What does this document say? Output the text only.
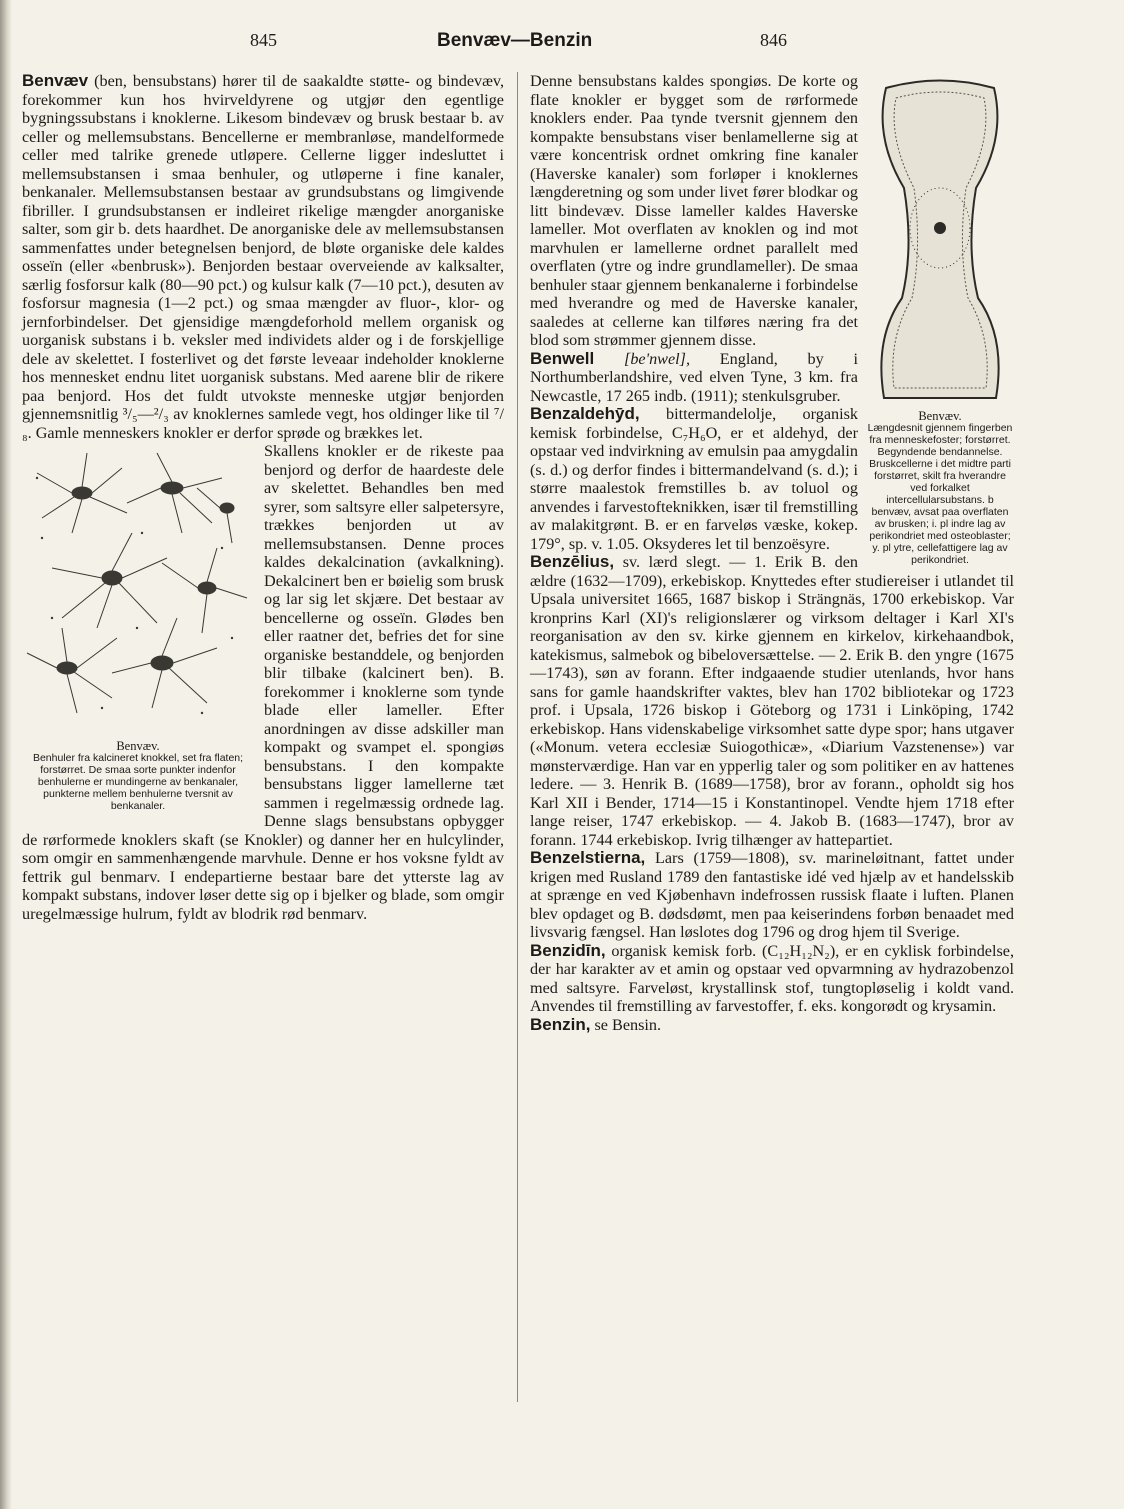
845	Benvæv—Benzin	846

Benvæv (ben, bensubstans) hører til de saakaldte støtte- og bindevæv, forekommer kun hos hvirveldyrene og utgjør den egentlige bygningssubstans i knoklerne. Likesom bindevæv og brusk bestaar b. av celler og mellemsubstans. Bencellerne er membranløse, mandelformede celler med talrike grenede utløpere. Cellerne ligger indesluttet i mellemsubstansen i smaa benhuler, og utløperne i fine kanaler, benkanaler. Mellemsubstansen bestaar av grundsubstans og limgivende fibriller. I grundsubstansen er indleiret rikelige mængder anorganiske salter, som gir b. dets haardhet. De anorganiske dele av mellemsubstansen sammenfattes under betegnelsen benjord, de bløte organiske dele kaldes osseïn (eller «benbrusk»). Benjorden bestaar overveiende av kalksalter, særlig fosforsur kalk (80—90 pct.) og kulsur kalk (7—10 pct.), desuten av fosforsur magnesia (1—2 pct.) og smaa mængder av fluor-, klor- og jernforbindelser. Det gjensidige mængdeforhold mellem organisk og uorganisk substans i b. veksler med individets alder og i de forskjellige dele av skelettet. I fosterlivet og det første leveaar indeholder knoklerne hos mennesket endnu litet uorganisk substans. Med aarene blir de rikere paa benjord. Hos det fuldt utvokste menneske utgjør benjorden gjennemsnitlig ³/₅—²/₃ av knoklernes samlede vegt, hos oldinger like til ⁷/₈. Gamle menneskers knokler er derfor sprøde og brækkes let.

Benvæv.
Benhuler fra kalcineret knokkel, set fra flaten; forstørret. De smaa sorte punkter indenfor benhulerne er mundingerne av benkanaler, punkterne mellem benhulerne tversnit av benkanaler.

Skallens knokler er de rikeste paa benjord og derfor de haardeste dele av skelettet. Behandles ben med syrer, som saltsyre eller salpetersyre, trækkes benjorden ut av mellemsubstansen. Denne proces kaldes dekalcination (avkalkning). Dekalcinert ben er bøielig som brusk og lar sig let skjære. Det bestaar av bencellerne og osseïn. Glødes ben eller raatner det, befries det for sine organiske bestanddele, og benjorden blir tilbake (kalcinert ben). B. forekommer i knoklerne som tynde blade eller lameller. Efter anordningen av disse adskiller man kompakt og svampet el. spongiøs bensubstans. I den kompakte bensubstans ligger lamellerne tæt sammen i regelmæssig ordnede lag. Denne slags bensubstans opbygger de rørformede knoklers skaft (se Knokler) og danner her en hulcylinder, som omgir en sammenhængende marvhule. Denne er hos voksne fyldt av fettrik gul benmarv. I endepartierne bestaar bare det ytterste lag av kompakt substans, indover løser dette sig op i bjelker og blade, som omgir uregelmæssige hulrum, fyldt av blodrik rød benmarv.

Benvæv.
Længdesnit gjennem fingerben fra menneskefoster; forstørret. Begyndende bendannelse. Bruskcellerne i det midtre parti forstørret, skilt fra hverandre ved forkalket intercellularsubstans. b benvæv, avsat paa overflaten av brusken; i. pl indre lag av perikondriet med osteoblaster; y. pl ytre, cellefattigere lag av perikondriet.

Denne bensubstans kaldes spongiøs. De korte og flate knokler er bygget som de rørformede knoklers ender. Paa tynde tversnit gjennem den kompakte bensubstans viser benlamellerne sig at være koncentrisk ordnet omkring fine kanaler (Haverske kanaler) som forløper i knoklernes længderetning og som under livet fører blodkar og litt bindevæv. Disse lameller kaldes Haverske lameller. Mot overflaten av knoklen og ind mot marvhulen er lamellerne ordnet parallelt med overflaten (ytre og indre grundlameller). De smaa benhuler staar gjennem benkanalerne i forbindelse med hverandre og med de Haverske kanaler, saaledes at cellerne kan tilføres næring fra det blod som strømmer gjennem disse.

Benwell [be'nwel], England, by i Northumberlandshire, ved elven Tyne, 3 km. fra Newcastle, 17 265 indb. (1911); stenkulsgruber.

Benzaldehȳd, bittermandelolje, organisk kemisk forbindelse, C₇H₆O, er et aldehyd, der opstaar ved indvirkning av emulsin paa amygdalin (s. d.) og derfor findes i bittermandelvand (s. d.); i større maalestok fremstilles b. av toluol og anvendes i farvestofteknikken, især til fremstilling av malakitgrønt. B. er en farveløs væske, kokep. 179°, sp. v. 1.05. Oksyderes let til benzoësyre.

Benzēlius, sv. lærd slegt. — 1. Erik B. den ældre (1632—1709), erkebiskop. Knyttedes efter studiereiser i utlandet til Upsala universitet 1665, 1687 biskop i Strängnäs, 1700 erkebiskop. Var kronprins Karl (XI)'s religionslærer og virksom deltager i Karl XI's reorganisation av den sv. kirke gjennem en kirkelov, kirkehaandbok, katekismus, salmebok og bibeloversættelse. — 2. Erik B. den yngre (1675—1743), søn av forann. Efter indgaaende studier utenlands, hvor hans sans for gamle haandskrifter vaktes, blev han 1702 bibliotekar og 1723 prof. i Upsala, 1726 biskop i Göteborg og 1731 i Linköping, 1742 erkebiskop. Hans videnskabelige virksomhet satte dype spor; hans utgaver («Monum. vetera ecclesiæ Suiogothicæ», «Diarium Vazstenense») var mønsterværdige. Han var en ypperlig taler og som politiker en av hattenes ledere. — 3. Henrik B. (1689—1758), bror av forann., opholdt sig hos Karl XII i Bender, 1714—15 i Konstantinopel. Vendte hjem 1718 efter lange reiser, 1747 erkebiskop. — 4. Jakob B. (1683—1747), bror av forann. 1744 erkebiskop. Ivrig tilhænger av hattepartiet.

Benzelstierna, Lars (1759—1808), sv. marineløitnant, fattet under krigen med Rusland 1789 den fantastiske idé ved hjælp av et handelsskib at sprænge en ved Kjøbenhavn indefrossen russisk flaate i luften. Planen blev opdaget og B. dødsdømt, men paa keiserindens forbøn benaadet med livsvarig fængsel. Han løslotes dog 1796 og drog hjem til Sverige.

Benzidīn, organisk kemisk forb. (C₁₂H₁₂N₂), er en cyklisk forbindelse, der har karakter av et amin og opstaar ved opvarmning av hydrazobenzol med saltsyre. Farveløst, krystallinsk stof, tungtopløselig i koldt vand. Anvendes til fremstilling av farvestoffer, f. eks. kongorødt og krysamin.

Benzin, se Bensin.
